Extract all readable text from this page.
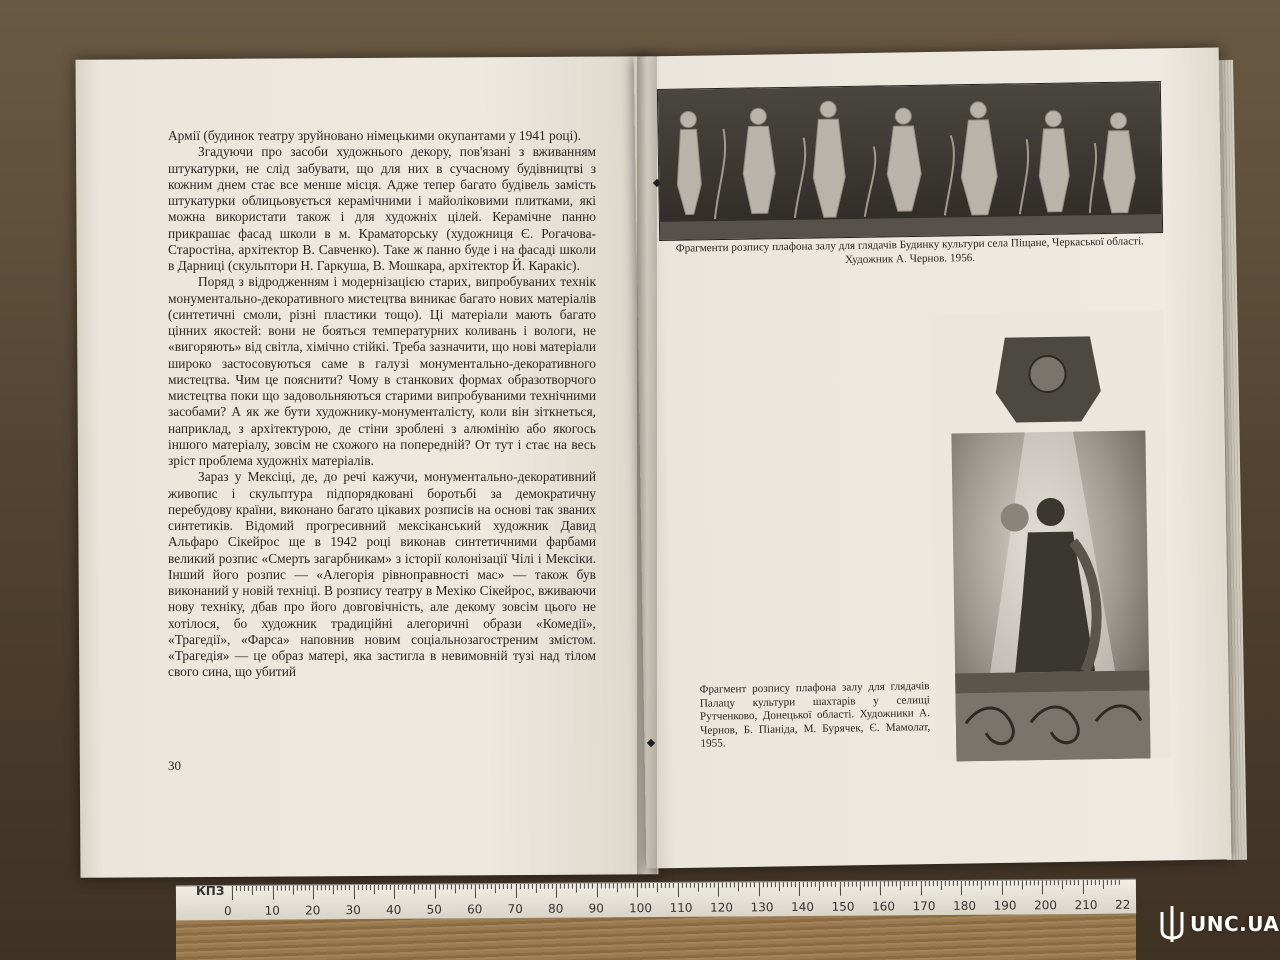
Армії (будинок театру зруйновано німецькими окупантами у 1941 році).

Згадуючи про засоби художнього декору, пов'язані з вживанням штукатурки, не слід забувати, що для них в сучасному будівництві з кожним днем стає все менше місця. Адже тепер багато будівель замість штукатурки облицьовується керамічними і майоліковими плитками, які можна використати також і для художніх цілей. Керамічне панно прикрашає фасад школи в м. Краматорську (художниця Є. Рогачова-Старостіна, архітектор В. Савченко). Таке ж панно буде і на фасаді школи в Дарниці (скульптори Н. Гаркуша, В. Мошкара, архітектор Й. Каракіс).

Поряд з відродженням і модернізацією старих, випробуваних технік монументально-декоративного мистецтва виникає багато нових матеріалів (синтетичні смоли, різні пластики тощо). Ці матеріали мають багато цінних якостей: вони не бояться температурних коливань і вологи, не «вигоряють» від світла, хімічно стійкі. Треба зазначити, що нові матеріали широко застосовуються саме в галузі монументально-декоративного мистецтва. Чим це пояснити? Чому в станкових формах образотворчого мистецтва поки що задовольняються старими випробуваними технічними засобами? А як же бути художнику-монументалісту, коли він зіткнеться, наприклад, з архітектурою, де стіни зроблені з алюмінію або якогось іншого матеріалу, зовсім не схожого на попередній? От тут і стає на весь зріст проблема художніх матеріалів.

Зараз у Мексіці, де, до речі кажучи, монументально-декоративний живопис і скульптура підпорядковані боротьбі за демократичну перебудову країни, виконано багато цікавих розписів на основі так званих синтетиків. Відомий прогресивний мексіканський художник Давид Альфаро Сікейрос ще в 1942 році виконав синтетичними фарбами великий розпис «Смерть загарбникам» з історії колонізації Чілі і Мексіки. Інший його розпис — «Алегорія рівноправності мас» — також був виконаний у новій техніці. В розпису театру в Мехіко Сікейрос, вживаючи нову техніку, дбав про його довговічність, але декому зовсім цього не хотілося, бо художник традиційні алегоричні образи «Комедії», «Трагедії», «Фарса» наповнив новим соціальнозагостреним змістом. «Трагедія» — це образ матері, яка застигла в невимовній тузі над тілом свого сина, що убитий

30
Фрагменти розпису плафона залу для глядачів Будинку культури села Піщане, Черкаської області. Художник А. Чернов. 1956.
Фрагмент розпису плафона залу для глядачів Палацу культури шахтарів у селищі Рутченково, Донецької області. Художники А. Чернов, Б. Піаніда, М. Бурячек, Є. Мамолат, 1955.
0	10 20 30 40 50 60 70 80 90 100 110 120 130 140 150 160 170 180 190 200 210 22
КПЗ
UNC.UA
